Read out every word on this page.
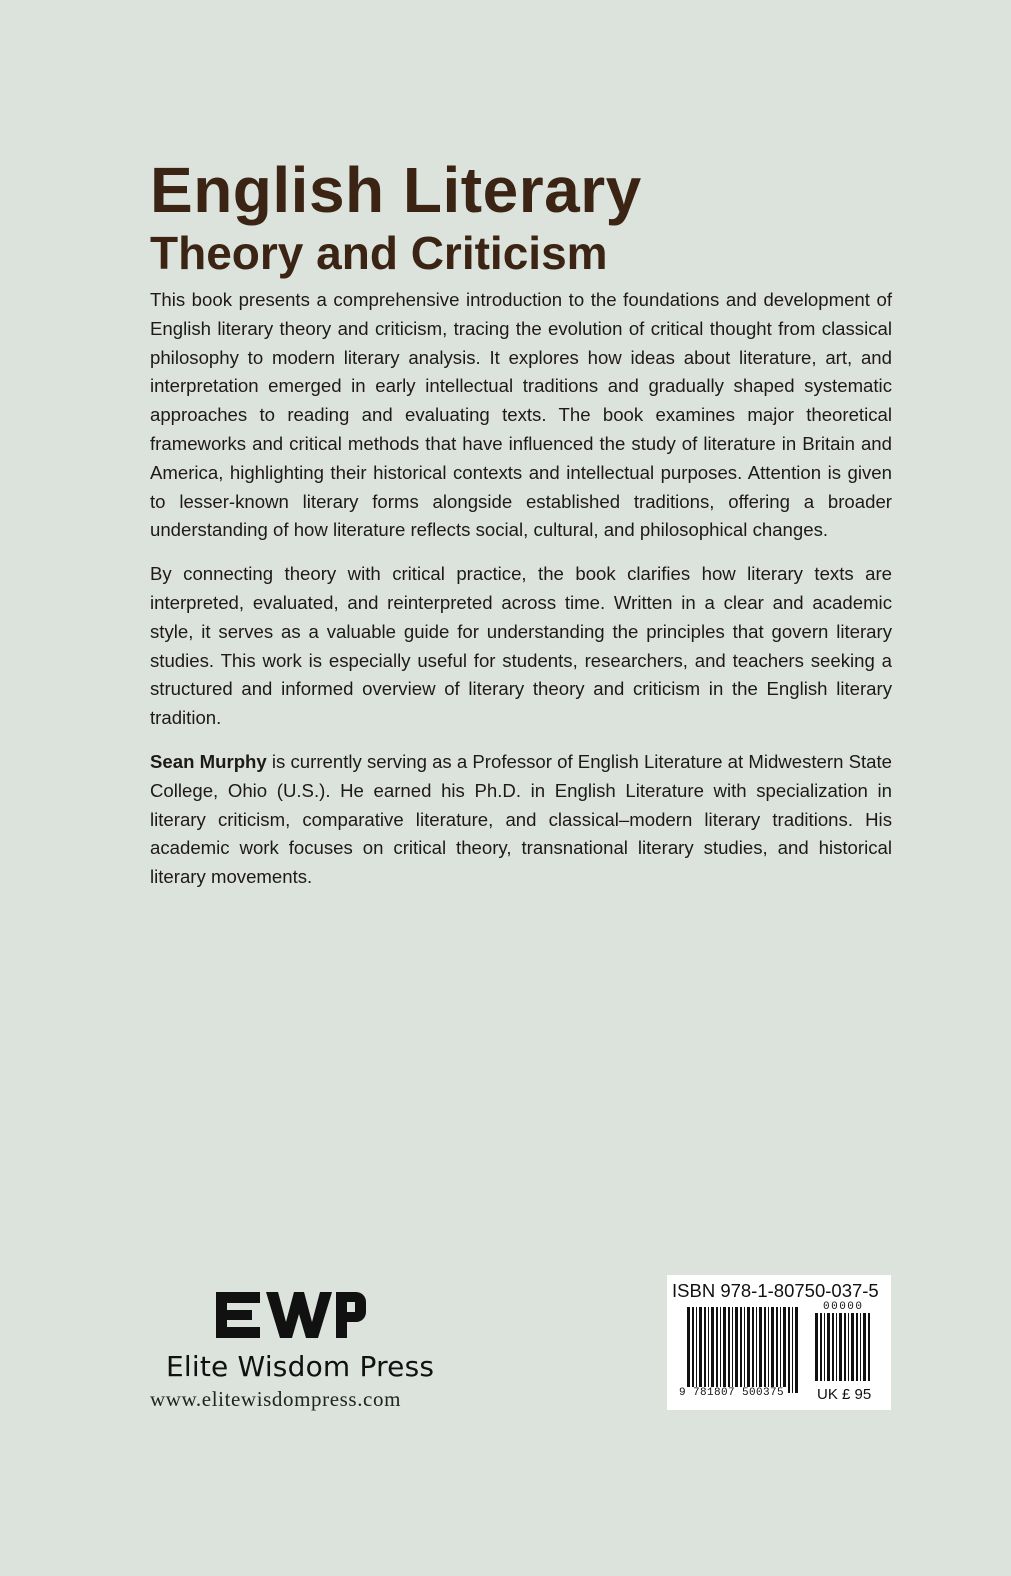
English Literary
Theory and Criticism

This book presents a comprehensive introduction to the foundations and development of English literary theory and criticism, tracing the evolution of critical thought from classical philosophy to modern literary analysis. It explores how ideas about literature, art, and interpretation emerged in early intellectual traditions and gradually shaped systematic approaches to reading and evaluating texts. The book examines major theoretical frameworks and critical methods that have influenced the study of literature in Britain and America, highlighting their historical contexts and intellectual purposes. Attention is given to lesser-known literary forms alongside established traditions, offering a broader understanding of how literature reflects social, cultural, and philosophical changes.

By connecting theory with critical practice, the book clarifies how literary texts are interpreted, evaluated, and reinterpreted across time. Written in a clear and academic style, it serves as a valuable guide for understanding the principles that govern literary studies. This work is especially useful for students, researchers, and teachers seeking a structured and informed overview of literary theory and criticism in the English literary tradition.

Sean Murphy is currently serving as a Professor of English Literature at Midwestern State College, Ohio (U.S.). He earned his Ph.D. in English Literature with specialization in literary criticism, comparative literature, and classical–modern literary traditions. His academic work focuses on critical theory, transnational literary studies, and historical literary movements.

Elite Wisdom Press
www.elitewisdompress.com
ISBN 978-1-80750-037-5
00000
9 781807 500375 UK £ 95
